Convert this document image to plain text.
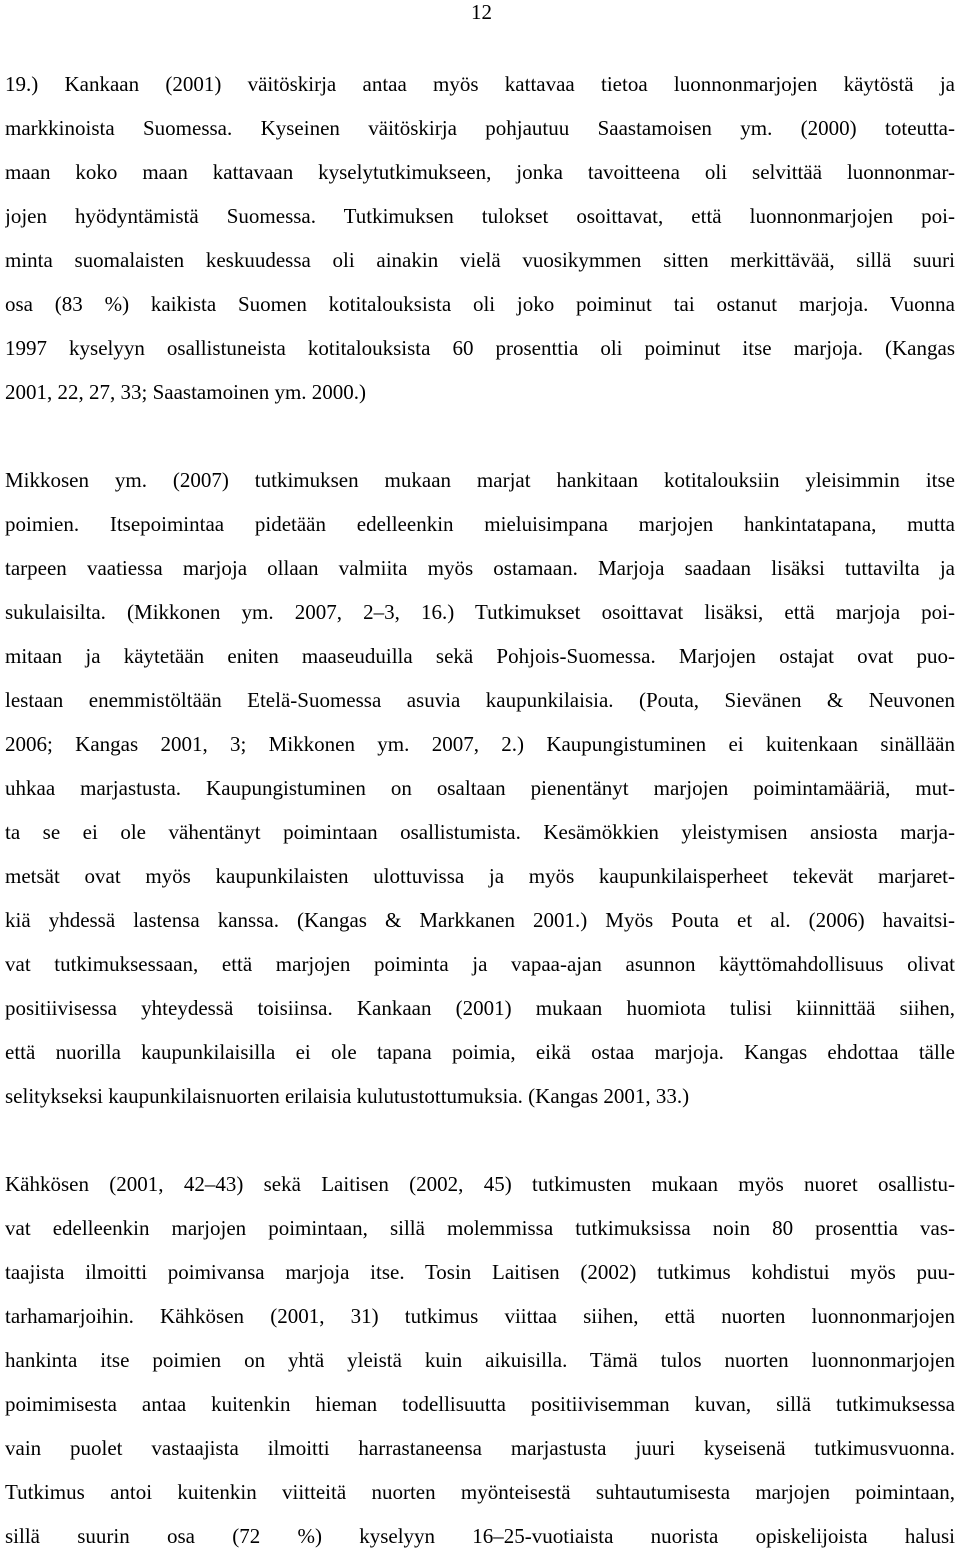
12
19.) Kankaan (2001) väitöskirja antaa myös kattavaa tietoa luonnonmarjojen käytöstä ja
markkinoista Suomessa. Kyseinen väitöskirja pohjautuu Saastamoisen ym. (2000) toteutta-
maan koko maan kattavaan kyselytutkimukseen, jonka tavoitteena oli selvittää luonnonmar-
jojen hyödyntämistä Suomessa. Tutkimuksen tulokset osoittavat, että luonnonmarjojen poi-
minta suomalaisten keskuudessa oli ainakin vielä vuosikymmen sitten merkittävää, sillä suuri
osa (83 %) kaikista Suomen kotitalouksista oli joko poiminut tai ostanut marjoja. Vuonna
1997 kyselyyn osallistuneista kotitalouksista 60 prosenttia oli poiminut itse marjoja. (Kangas
2001, 22, 27, 33; Saastamoinen ym. 2000.)
Mikkosen ym. (2007) tutkimuksen mukaan marjat hankitaan kotitalouksiin yleisimmin itse
poimien. Itsepoimintaa pidetään edelleenkin mieluisimpana marjojen hankintatapana, mutta
tarpeen vaatiessa marjoja ollaan valmiita myös ostamaan. Marjoja saadaan lisäksi tuttavilta ja
sukulaisilta. (Mikkonen ym. 2007, 2–3, 16.) Tutkimukset osoittavat lisäksi, että marjoja poi-
mitaan ja käytetään eniten maaseuduilla sekä Pohjois-Suomessa. Marjojen ostajat ovat puo-
lestaan enemmistöltään Etelä-Suomessa asuvia kaupunkilaisia. (Pouta, Sievänen & Neuvonen
2006; Kangas 2001, 3; Mikkonen ym. 2007, 2.) Kaupungistuminen ei kuitenkaan sinällään
uhkaa marjastusta. Kaupungistuminen on osaltaan pienentänyt marjojen poimintamääriä, mut-
ta se ei ole vähentänyt poimintaan osallistumista. Kesämökkien yleistymisen ansiosta marja-
metsät ovat myös kaupunkilaisten ulottuvissa ja myös kaupunkilaisperheet tekevät marjaret-
kiä yhdessä lastensa kanssa. (Kangas & Markkanen 2001.) Myös Pouta et al. (2006) havaitsi-
vat tutkimuksessaan, että marjojen poiminta ja vapaa-ajan asunnon käyttömahdollisuus olivat
positiivisessa yhteydessä toisiinsa. Kankaan (2001) mukaan huomiota tulisi kiinnittää siihen,
että nuorilla kaupunkilaisilla ei ole tapana poimia, eikä ostaa marjoja. Kangas ehdottaa tälle
selitykseksi kaupunkilaisnuorten erilaisia kulutustottumuksia. (Kangas 2001, 33.)
Kähkösen (2001, 42–43) sekä Laitisen (2002, 45) tutkimusten mukaan myös nuoret osallistu-
vat edelleenkin marjojen poimintaan, sillä molemmissa tutkimuksissa noin 80 prosenttia vas-
taajista ilmoitti poimivansa marjoja itse. Tosin Laitisen (2002) tutkimus kohdistui myös puu-
tarhamarjoihin. Kähkösen (2001, 31) tutkimus viittaa siihen, että nuorten luonnonmarjojen
hankinta itse poimien on yhtä yleistä kuin aikuisilla. Tämä tulos nuorten luonnonmarjojen
poimimisesta antaa kuitenkin hieman todellisuutta positiivisemman kuvan, sillä tutkimuksessa
vain puolet vastaajista ilmoitti harrastaneensa marjastusta juuri kyseisenä tutkimusvuonna.
Tutkimus antoi kuitenkin viitteitä nuorten myönteisestä suhtautumisesta marjojen poimintaan,
sillä suurin osa (72 %) kyselyyn 16–25-vuotiaista nuorista opiskelijoista halusi
